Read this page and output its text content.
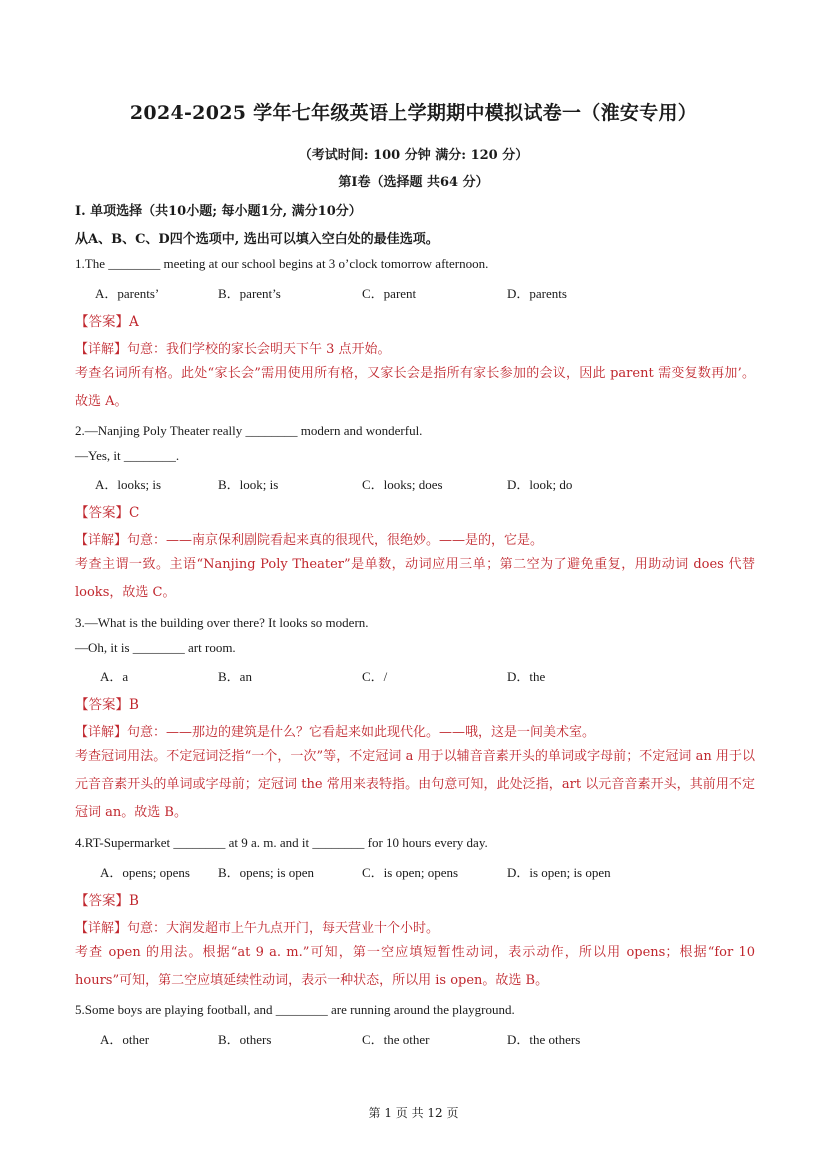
2024-2025 学年七年级英语上学期期中模拟试卷一（淮安专用）
（考试时间: 100 分钟 满分: 120 分）
第Ⅰ卷（选择题 共64 分）
I. 单项选择（共10小题; 每小题1分, 满分10分）
从A、B、C、D四个选项中, 选出可以填入空白处的最佳选项。
1.The ________ meeting at our school begins at 3 o’clock tomorrow afternoon.
A．parents’	B．parent’s	C．parent	D．parents
【答案】A
【详解】句意：我们学校的家长会明天下午 3 点开始。
考查名词所有格。此处“家长会”需用使用所有格，又家长会是指所有家长参加的会议，因此 parent 需变复数再加’。故选 A。
2.—Nanjing Poly Theater really ________ modern and wonderful.
—Yes, it ________.
A．looks; is	B．look; is	C．looks; does	D．look; do
【答案】C
【详解】句意：——南京保利剧院看起来真的很现代，很绝妙。——是的，它是。
考查主谓一致。主语“Nanjing Poly Theater”是单数，动词应用三单；第二空为了避免重复，用助动词 does 代替 looks，故选 C。
3.—What is the building over there? It looks so modern.
—Oh, it is ________ art room.
A．a	B．an	C．/	D．the
【答案】B
【详解】句意：——那边的建筑是什么？它看起来如此现代化。——哦，这是一间美术室。
考查冠词用法。不定冠词泛指“一个，一次”等，不定冠词 a 用于以辅音音素开头的单词或字母前；不定冠词 an 用于以元音音素开头的单词或字母前；定冠词 the 常用来表特指。由句意可知，此处泛指，art 以元音音素开头，其前用不定冠词 an。故选 B。
4.RT-Supermarket ________ at 9 a. m. and it ________ for 10 hours every day.
A．opens; opens B．opens; is open	C．is open; opens	D．is open; is open
【答案】B
【详解】句意：大润发超市上午九点开门，每天营业十个小时。
考查 open 的用法。根据“at 9 a. m.”可知，第一空应填短暂性动词，表示动作，所以用 opens；根据“for 10 hours”可知，第二空应填延续性动词，表示一种状态，所以用 is open。故选 B。
5.Some boys are playing football, and ________ are running around the playground.
A．other	B．others	C．the other	D．the others
第 1 页 共 12 页
